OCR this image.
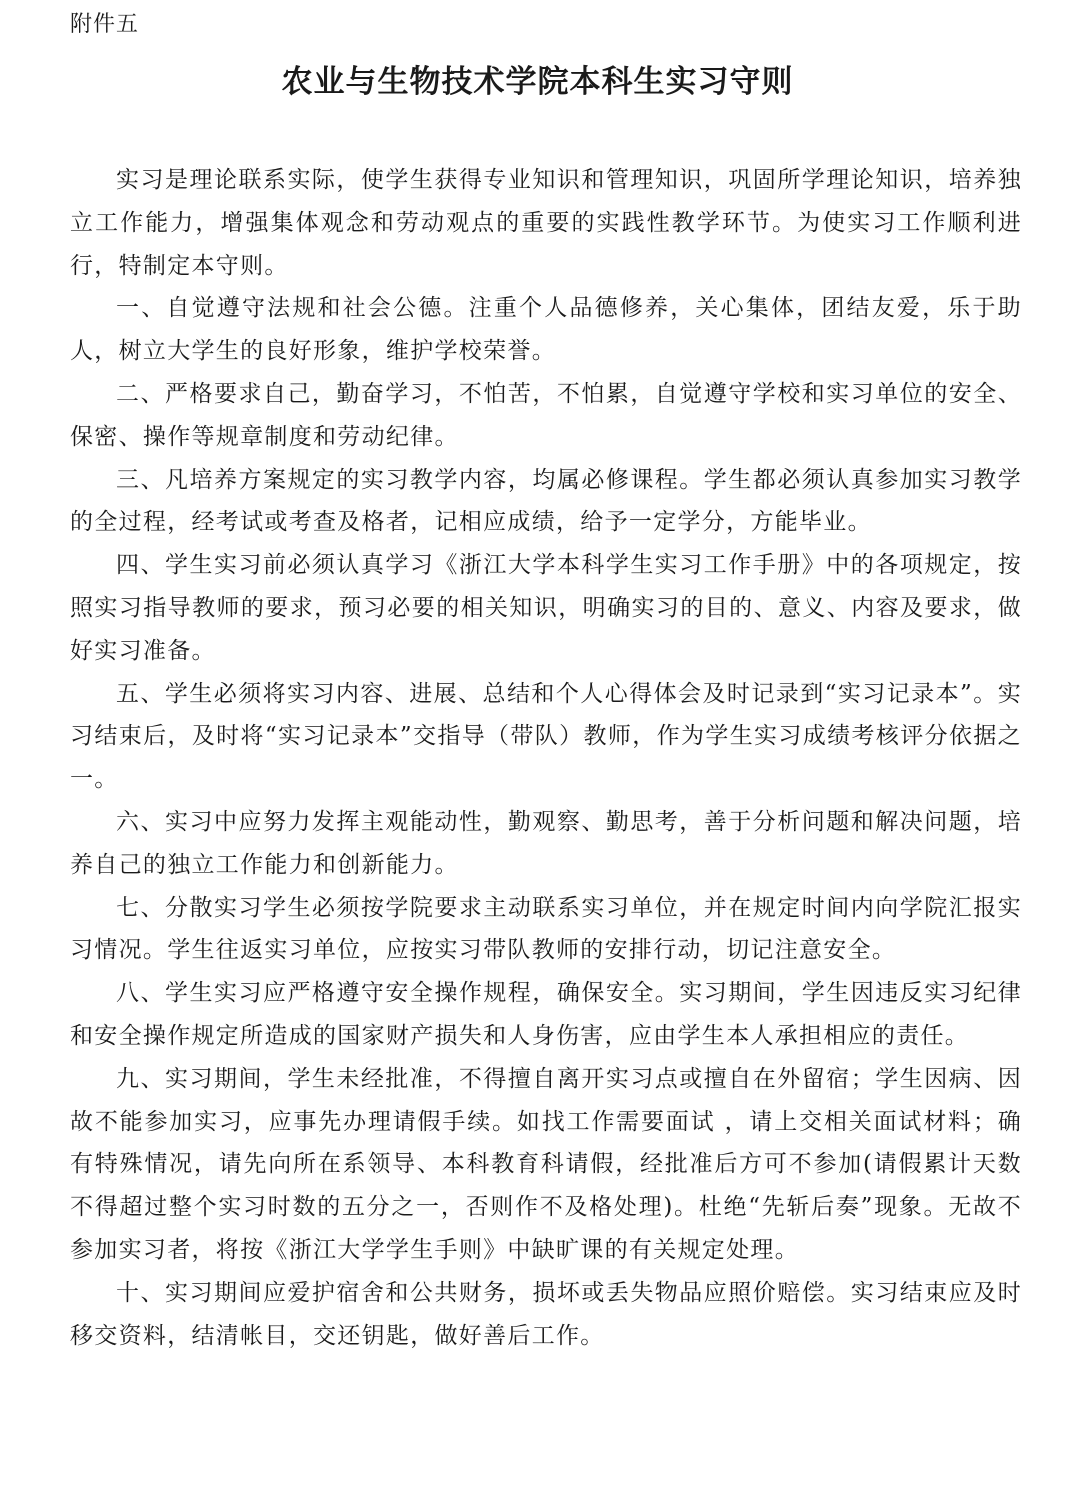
附件五
农业与生物技术学院本科生实习守则

实习是理论联系实际，使学生获得专业知识和管理知识，巩固所学理论知识，培养独立工作能力，增强集体观念和劳动观点的重要的实践性教学环节。为使实习工作顺利进行，特制定本守则。

一、自觉遵守法规和社会公德。注重个人品德修养，关心集体，团结友爱，乐于助人，树立大学生的良好形象，维护学校荣誉。

二、严格要求自己，勤奋学习，不怕苦，不怕累，自觉遵守学校和实习单位的安全、保密、操作等规章制度和劳动纪律。

三、凡培养方案规定的实习教学内容，均属必修课程。学生都必须认真参加实习教学的全过程，经考试或考查及格者，记相应成绩，给予一定学分，方能毕业。

四、学生实习前必须认真学习《浙江大学本科学生实习工作手册》中的各项规定，按照实习指导教师的要求，预习必要的相关知识，明确实习的目的、意义、内容及要求，做好实习准备。

五、学生必须将实习内容、进展、总结和个人心得体会及时记录到“实习记录本”。实习结束后，及时将“实习记录本”交指导（带队）教师，作为学生实习成绩考核评分依据之一。

六、实习中应努力发挥主观能动性，勤观察、勤思考，善于分析问题和解决问题，培养自己的独立工作能力和创新能力。

七、分散实习学生必须按学院要求主动联系实习单位，并在规定时间内向学院汇报实习情况。学生往返实习单位，应按实习带队教师的安排行动，切记注意安全。

八、学生实习应严格遵守安全操作规程，确保安全。实习期间，学生因违反实习纪律和安全操作规定所造成的国家财产损失和人身伤害，应由学生本人承担相应的责任。

九、实习期间，学生未经批准，不得擅自离开实习点或擅自在外留宿；学生因病、因故不能参加实习，应事先办理请假手续。如找工作需要面试 ，请上交相关面试材料；确有特殊情况，请先向所在系领导、本科教育科请假，经批准后方可不参加(请假累计天数不得超过整个实习时数的五分之一，否则作不及格处理)。杜绝“先斩后奏”现象。无故不参加实习者，将按《浙江大学学生手则》中缺旷课的有关规定处理。

十、实习期间应爱护宿舍和公共财务，损坏或丢失物品应照价赔偿。实习结束应及时移交资料，结清帐目，交还钥匙，做好善后工作。
